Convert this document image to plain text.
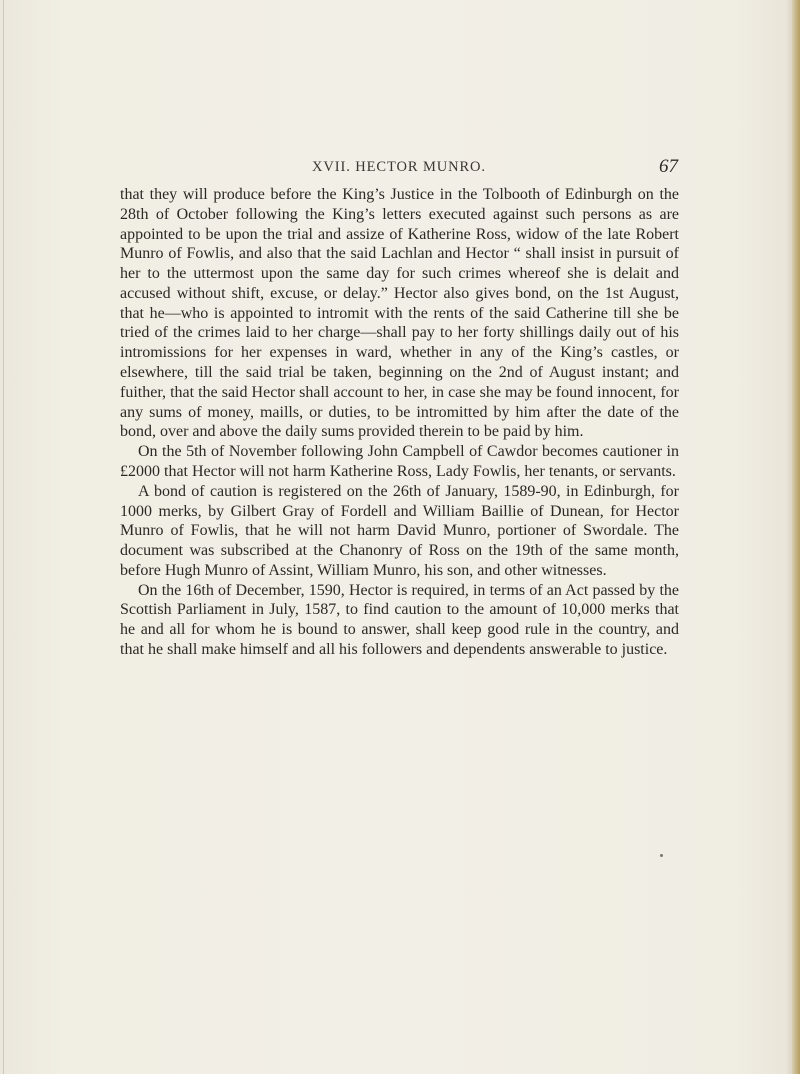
XVII. HECTOR MUNRO.	67

that they will produce before the King’s Justice in the Tolbooth of Edinburgh on the 28th of October following the King’s letters executed against such persons as are appointed to be upon the trial and assize of Katherine Ross, widow of the late Robert Munro of Fowlis, and also that the said Lachlan and Hector “ shall insist in pursuit of her to the uttermost upon the same day for such crimes whereof she is delait and accused without shift, excuse, or delay.” Hector also gives bond, on the 1st August, that he—who is appointed to intromit with the rents of the said Catherine till she be tried of the crimes laid to her charge—shall pay to her forty shillings daily out of his intromissions for her expenses in ward, whether in any of the King’s castles, or elsewhere, till the said trial be taken, beginning on the 2nd of August instant; and fuither, that the said Hector shall account to her, in case she may be found innocent, for any sums of money, maills, or duties, to be intromitted by him after the date of the bond, over and above the daily sums provided therein to be paid by him.

On the 5th of November following John Campbell of Cawdor becomes cautioner in £2000 that Hector will not harm Katherine Ross, Lady Fowlis, her tenants, or servants.

A bond of caution is registered on the 26th of January, 1589-90, in Edinburgh, for 1000 merks, by Gilbert Gray of Fordell and William Baillie of Dunean, for Hector Munro of Fowlis, that he will not harm David Munro, portioner of Swordale. The document was subscribed at the Chanonry of Ross on the 19th of the same month, before Hugh Munro of Assint, William Munro, his son, and other witnesses.

On the 16th of December, 1590, Hector is required, in terms of an Act passed by the Scottish Parliament in July, 1587, to find caution to the amount of 10,000 merks that he and all for whom he is bound to answer, shall keep good rule in the country, and that he shall make himself and all his followers and dependents answerable to justice.
